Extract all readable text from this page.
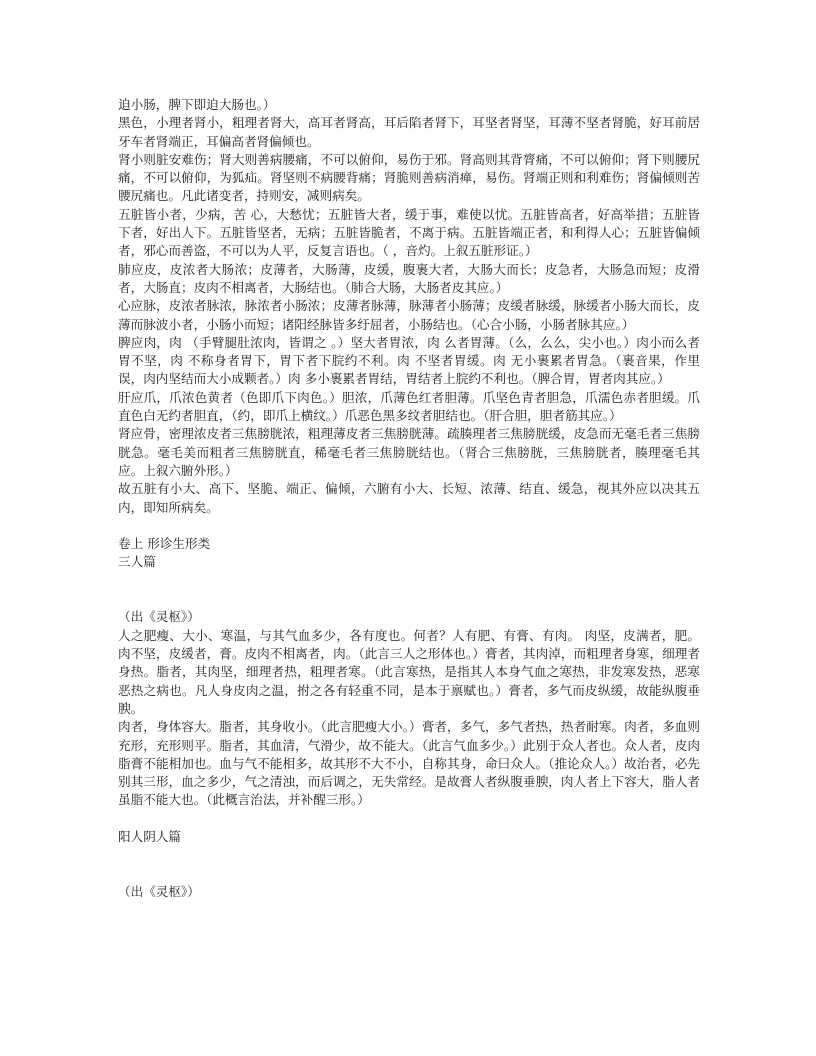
迫小肠，脾下即迫大肠也。）

黑色，小理者肾小，粗理者肾大，高耳者肾高，耳后陷者肾下，耳坚者肾坚，耳薄不坚者肾脆，好耳前居牙车者肾端正，耳偏高者肾偏倾也。

肾小则脏安难伤；肾大则善病腰痛，不可以俯仰，易伤于邪。肾高则其背膂痛，不可以俯仰；肾下则腰尻痛，不可以俯仰，为狐疝。肾坚则不病腰背痛；肾脆则善病消瘅，易伤。肾端正则和利难伤；肾偏倾则苦腰尻痛也。凡此诸变者，持则安，减则病矣。

五脏皆小者，少病，苦 心，大愁忧；五脏皆大者，缓于事，难使以忧。五脏皆高者，好高举措；五脏皆下者，好出人下。五脏皆坚者，无病；五脏皆脆者，不离于病。五脏皆端正者，和利得人心；五脏皆偏倾者，邪心而善盗，不可以为人平，反复言语也。（ ，音灼。上叙五脏形证。）

肺应皮，皮浓者大肠浓；皮薄者，大肠薄，皮缓，腹裹大者，大肠大而长；皮急者，大肠急而短；皮滑者，大肠直；皮肉不相离者，大肠结也。（肺合大肠，大肠者皮其应。）

心应脉，皮浓者脉浓，脉浓者小肠浓；皮薄者脉薄，脉薄者小肠薄；皮缓者脉缓，脉缓者小肠大而长，皮薄而脉波小者，小肠小而短；诸阳经脉皆多纡屈者，小肠结也。（心合小肠，小肠者脉其应。）

脾应肉，肉 （手臂腿肚浓肉，皆谓之 。）坚大者胃浓，肉 么者胃薄。（么，么么，尖小也。）肉小而么者胃不坚，肉 不称身者胃下，胃下者下脘约不利。肉 不坚者胃缓。肉 无小裹累者胃急。（裹音果，作里误，肉内坚结而大小成颗者。）肉 多小裹累者胃结，胃结者上脘约不利也。（脾合胃，胃者肉其应。）

肝应爪，爪浓色黄者（色即爪下肉色。）胆浓，爪薄色红者胆薄。爪坚色青者胆急，爪濡色赤者胆缓。爪直色白无约者胆直，（约，即爪上横纹。）爪恶色黑多纹者胆结也。（肝合胆，胆者筋其应。）

肾应骨，密理浓皮者三焦膀胱浓，粗理薄皮者三焦膀胱薄。疏腠理者三焦膀胱缓，皮急而无毫毛者三焦膀胱急。毫毛美而粗者三焦膀胱直，稀毫毛者三焦膀胱结也。（肾合三焦膀胱，三焦膀胱者，腠理毫毛其应。上叙六腑外形。）

故五脏有小大、高下、坚脆、端正、偏倾，六腑有小大、长短、浓薄、结直、缓急，视其外应以决其五内，即知所病矣。

卷上 形诊生形类

三人篇

（出《灵枢》）

人之肥瘦、大小、寒温，与其气血多少，各有度也。何者？人有肥、有膏、有肉。 肉坚，皮满者，肥。肉不坚，皮缓者，膏。皮肉不相离者，肉。（此言三人之形体也。）膏者，其肉淖，而粗理者身寒，细理者身热。脂者，其肉坚，细理者热，粗理者寒。（此言寒热，是指其人本身气血之寒热，非发寒发热，恶寒恶热之病也。凡人身皮肉之温，拊之各有轻重不同，是本于禀赋也。）膏者，多气而皮纵缓，故能纵腹垂腴。

肉者，身体容大。脂者，其身收小。（此言肥瘦大小。）膏者，多气，多气者热，热者耐寒。肉者，多血则充形，充形则平。脂者，其血清，气滑少，故不能大。（此言气血多少。）此别于众人者也。众人者，皮肉脂膏不能相加也。血与气不能相多，故其形不大不小，自称其身，命曰众人。（推论众人。）故治者，必先别其三形，血之多少，气之清浊，而后调之，无失常经。是故膏人者纵腹垂腴，肉人者上下容大，脂人者虽脂不能大也。（此概言治法，并补醒三形。）

阳人阴人篇

（出《灵枢》）
